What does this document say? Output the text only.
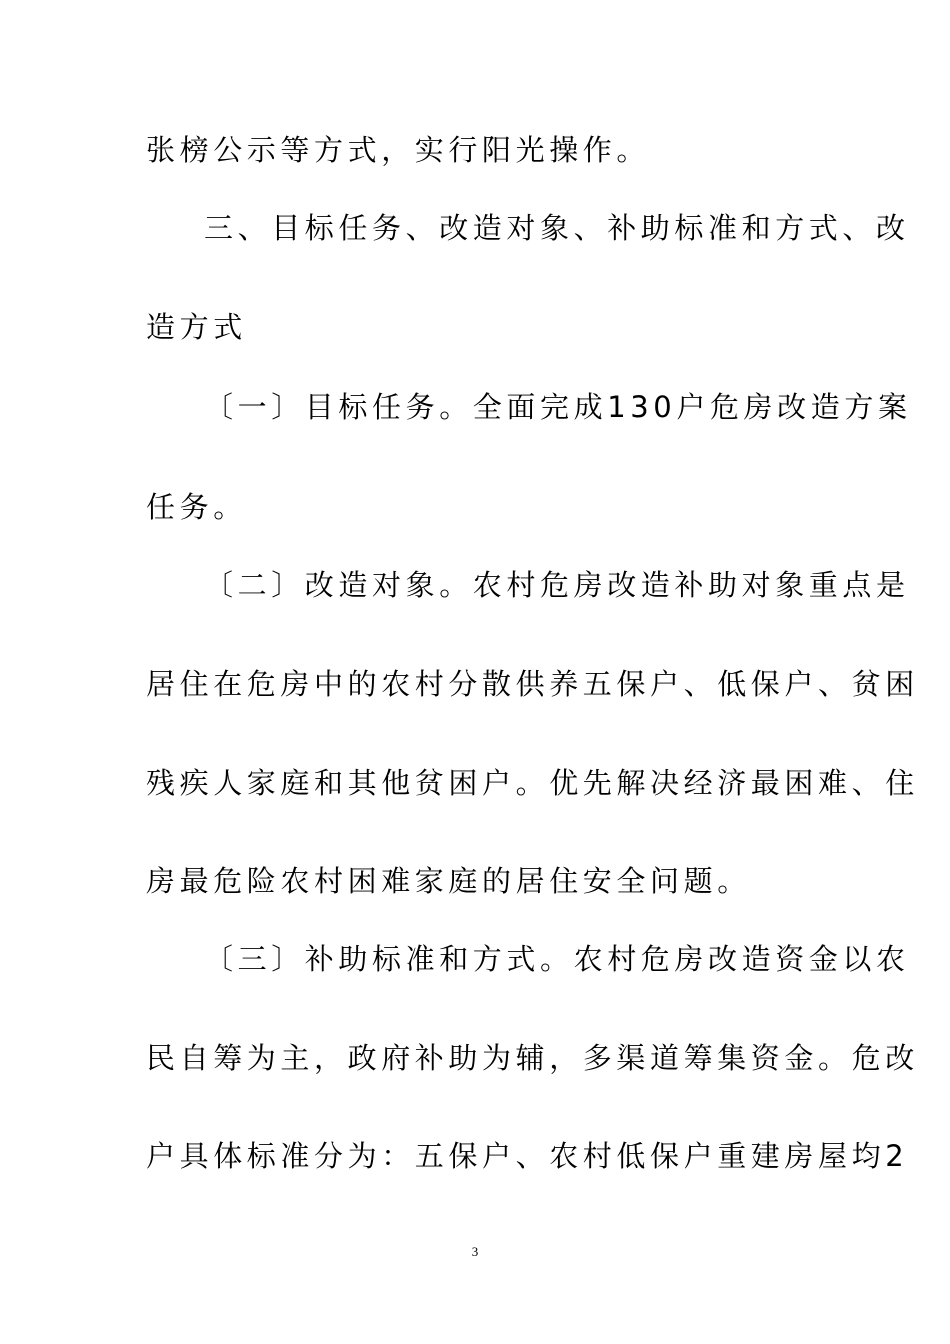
张榜公示等方式，实行阳光操作。
三、目标任务、改造对象、补助标准和方式、改
造方式
〔一〕目标任务。全面完成130户危房改造方案
任务。
〔二〕改造对象。农村危房改造补助对象重点是
居住在危房中的农村分散供养五保户、低保户、贫困
残疾人家庭和其他贫困户。优先解决经济最困难、住
房最危险农村困难家庭的居住安全问题。
〔三〕补助标准和方式。农村危房改造资金以农
民自筹为主，政府补助为辅，多渠道筹集资金。危改
户具体标准分为：五保户、农村低保户重建房屋均2
3
